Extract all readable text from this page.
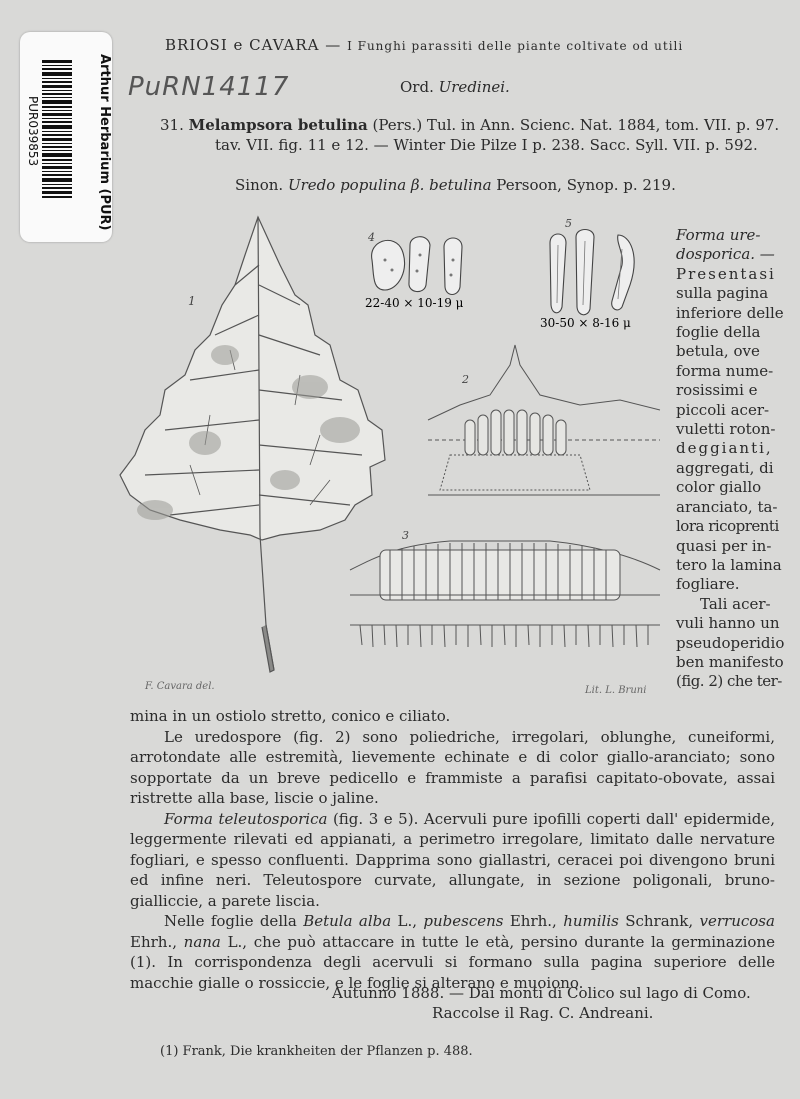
Arthur Herbarium (PUR)
PUR039853
BRIOSI e CAVARA — I Funghi parassiti delle piante coltivate od utili
PuRN14117	Ord. Uredinei.
31. Melampsora betulina (Pers.) Tul. in Ann. Scienc. Nat. 1884, tom. VII. p. 97.
tav. VII. fig. 11 e 12. — Winter Die Pilze I p. 238. Sacc. Syll. VII. p. 592.
Sinon. Uredo populina β. betulina Persoon, Synop. p. 219.
1
4
22-40 × 10-19 μ
5
30-50 × 8-16 μ
2
3
F. Cavara del.	Lit. L. Bruni
Forma ure-
dosporica. —
Presentasi
sulla pagina
inferiore delle
foglie della
betula, ove
forma nume-
rosissimi e
piccoli acer-
vuletti roton-
deggianti,
aggregati, di
color giallo
aranciato, ta-
lora ricoprenti
quasi per in-
tero la lamina
fogliare.
Tali acer-
vuli hanno un
pseudoperidio
ben manifesto
(fig. 2) che ter-

mina in un ostiolo stretto, conico e ciliato.

Le uredospore (fig. 2) sono poliedriche, irregolari, oblunghe, cuneiformi, arrotondate alle estremità, lievemente echinate e di color giallo-aranciato; sono sopportate da un breve pedicello e frammiste a parafisi capitato-obovate, assai ristrette alla base, liscie o jaline.

Forma teleutosporica (fig. 3 e 5). Acervuli pure ipofilli coperti dall' epidermide, leggermente rilevati ed appianati, a perimetro irregolare, limitato dalle nervature fogliari, e spesso confluenti. Dapprima sono giallastri, ceracei poi divengono bruni ed infine neri. Teleutospore curvate, allungate, in sezione poligonali, bruno-gialliccie, a parete liscia.

Nelle foglie della Betula alba L., pubescens Ehrh., humilis Schrank, verrucosa Ehrh., nana L., che può attaccare in tutte le età, persino durante la germinazione (1). In corrispondenza degli acervuli si formano sulla pagina superiore delle macchie gialle o rossiccie, e le foglie si alterano e muoiono.

Autunno 1888. — Dai monti di Colico sul lago di Como.
Raccolse il Rag. C. Andreani.
(1) Frank, Die krankheiten der Pflanzen p. 488.
